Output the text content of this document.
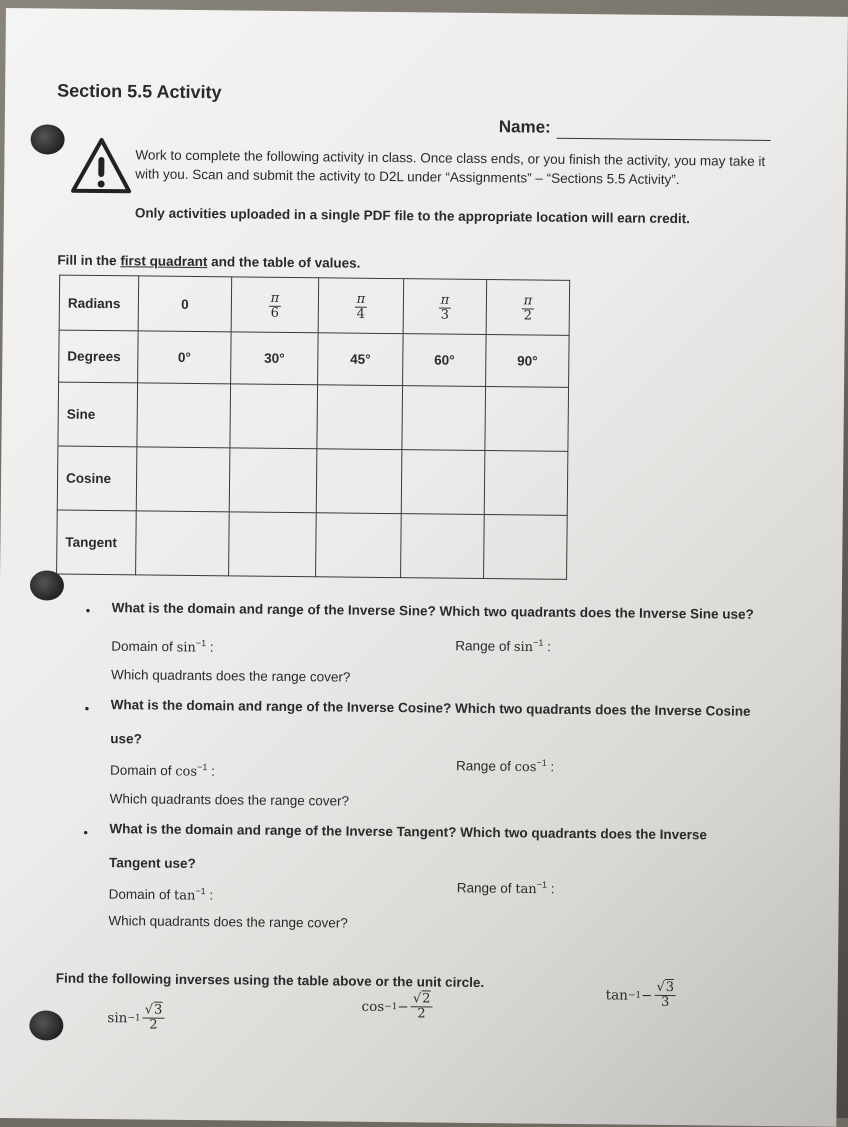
Section 5.5 Activity
Name:
Work to complete the following activity in class. Once class ends, or you finish the activity, you may take it with you. Scan and submit the activity to D2L under “Assignments” – “Sections 5.5 Activity”.
Only activities uploaded in a single PDF file to the appropriate location will earn credit.
Fill in the first quadrant and the table of values.
Radians	0	$\frac{\pi}{6}$	$\frac{\pi}{4}$	$\frac{\pi}{3}$	$\frac{\pi}{2}$

Degrees	0°	30°	45°	60°	90°
Sine					
Cosine					
Tangent					
• What is the domain and range of the Inverse Sine? Which two quadrants does the Inverse Sine use?
Domain of $\sin^{-1}$ :	Range of $\sin^{-1}$ :
Which quadrants does the range cover?
• What is the domain and range of the Inverse Cosine? Which two quadrants does the Inverse Cosine
use?
Domain of $\cos^{-1}$ :	Range of $\cos^{-1}$ :
Which quadrants does the range cover?
• What is the domain and range of the Inverse Tangent? Which two quadrants does the Inverse
Tangent use?
Domain of $\tan^{-1}$ :	Range of $\tan^{-1}$ :
Which quadrants does the range cover?
Find the following inverses using the table above or the unit circle.
$\sin -1 \frac{√3}{2}$	$\cos -1 - \frac{√2}{2}$	$\tan -1 - \frac{√3}{3}$
